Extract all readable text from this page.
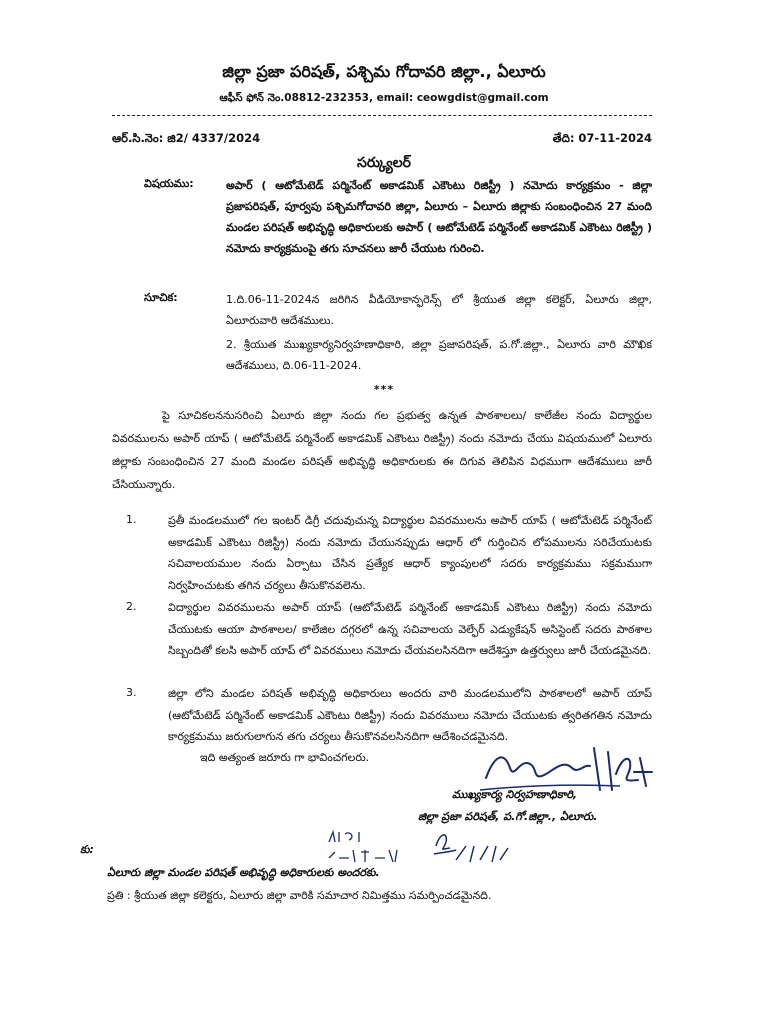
జిల్లా ప్రజా పరిషత్, పశ్చిమ గోదావరి జిల్లా., ఏలూరు
ఆఫీస్ ఫోన్ నెం.08812-232353, email: ceowgdist@gmail.com
ఆర్.సి.నెం: జి2/ 4337/2024	తేది: 07-11-2024
సర్క్యులర్
విషయము:	అపార్ ( ఆటోమేటెడ్ పర్మినేంట్ అకాడమిక్ ఎకౌంటు రిజిస్ట్రీ ) నమోదు కార్యక్రమం - జిల్లా ప్రజాపరిషత్, పూర్వపు పశ్చిమగోదావరి జిల్లా, ఏలూరు – ఏలూరు జిల్లాకు సంబంధించిన 27 మంది మండల పరిషత్ అభివృద్ధి అధికారులకు అపార్ ( ఆటోమేటెడ్ పర్మినేంట్ అకాడమిక్ ఎకౌంటు రిజిస్ట్రీ ) నమోదు కార్యక్రమంపై తగు సూచనలు జారీ చేయుట గురించి.
సూచిక:	1.ది.06-11-2024న జరిగిన వీడియోకాన్ఫరెన్స్ లో శ్రీయుత జిల్లా కలెక్టర్, ఏలూరు జిల్లా, ఏలూరువారి ఆదేశములు.
2. శ్రీయుత ముఖ్యకార్యనిర్వహణాధికారి, జిల్లా ప్రజాపరిషత్, ప.గో.జిల్లా., ఏలూరు వారి మౌఖిక ఆదేశములు, ది.06-11-2024.
***
పై సూచికలననుసరించి ఏలూరు జిల్లా నందు గల ప్రభుత్వ ఉన్నత పాఠశాలలు/ కాలేజీల నందు విద్యార్థుల వివరములను అపార్ యాప్ ( ఆటోమేటెడ్ పర్మినేంట్ అకాడమిక్ ఎకౌంటు రిజిస్ట్రీ) నందు నమోదు చేయు విషయములో ఏలూరు జిల్లాకు సంబంధించిన 27 మంది మండల పరిషత్ అభివృద్ధి అధికారులకు ఈ దిగువ తెలిపిన విధముగా ఆదేశములు జారీ చేసియున్నారు.
1.	ప్రతీ మండలములో గల ఇంటర్ డిగ్రీ చదువుచున్న విద్యార్థుల వివరములను అపార్ యాప్ ( ఆటోమేటెడ్ పర్మినేంట్ అకాడమిక్ ఎకౌంటు రిజిస్ట్రీ) నందు నమోదు చేయునప్పుడు ఆధార్ లో గుర్తించిన లోపములను సరిచేయుటకు సచివాలయముల నందు ఏర్పాటు చేసిన ప్రత్యేక ఆధార్ క్యాంపులలో సదరు కార్యక్రమము సక్రమముగా నిర్వహించుటకు తగిన చర్యలు తీసుకొనవలెను.
2.	విద్యార్థుల వివరములను అపార్ యాప్ (ఆటోమేటెడ్ పర్మినేంట్ అకాడమిక్ ఎకౌంటు రిజిస్ట్రీ) నందు నమోదు చేయుటకు ఆయా పాఠశాలల/ కాలేజిల దగ్గరలో ఉన్న సచివాలయ వెల్ఫేర్ ఎడ్యుకేషన్ అసిస్టెంట్ సదరు పాఠశాల సిబ్బందితో కలసి అపార్ యాప్ లో వివరములు నమోదు చేయవలసినదిగా ఆదేశిస్తూ ఉత్తర్వులు జారీ చేయడమైనది.
3.	జిల్లా లోని మండల పరిషత్ అభివృద్ధి అధికారులు అందరు వారి మండలములోని పాఠశాలలో అపార్ యాప్ (ఆటోమేటెడ్ పర్మినేంట్ అకాడమిక్ ఎకౌంటు రిజిస్ట్రీ) నందు వివరములు నమోదు చేయుటకు త్వరితగతిన నమోదు కార్యక్రమము జరుగులాగున తగు చర్యలు తీసుకొనవలసినదిగా ఆదేశించడమైనది.
ఇది అత్యంత జరూరు గా భావించగలరు.
ముఖ్యకార్య నిర్వహణాధికారి,
జిల్లా ప్రజా పరిషత్, ప.గో.జిల్లా., ఏలూరు.
కు:
ఏలూరు జిల్లా మండల పరిషత్ అభివృద్ధి అధికారులకు అందరకు.
ప్రతి : శ్రీయుత జిల్లా కలెక్టరు, ఏలూరు జిల్లా వారికి సమాచార నిమిత్తము సమర్పించడమైనది.
